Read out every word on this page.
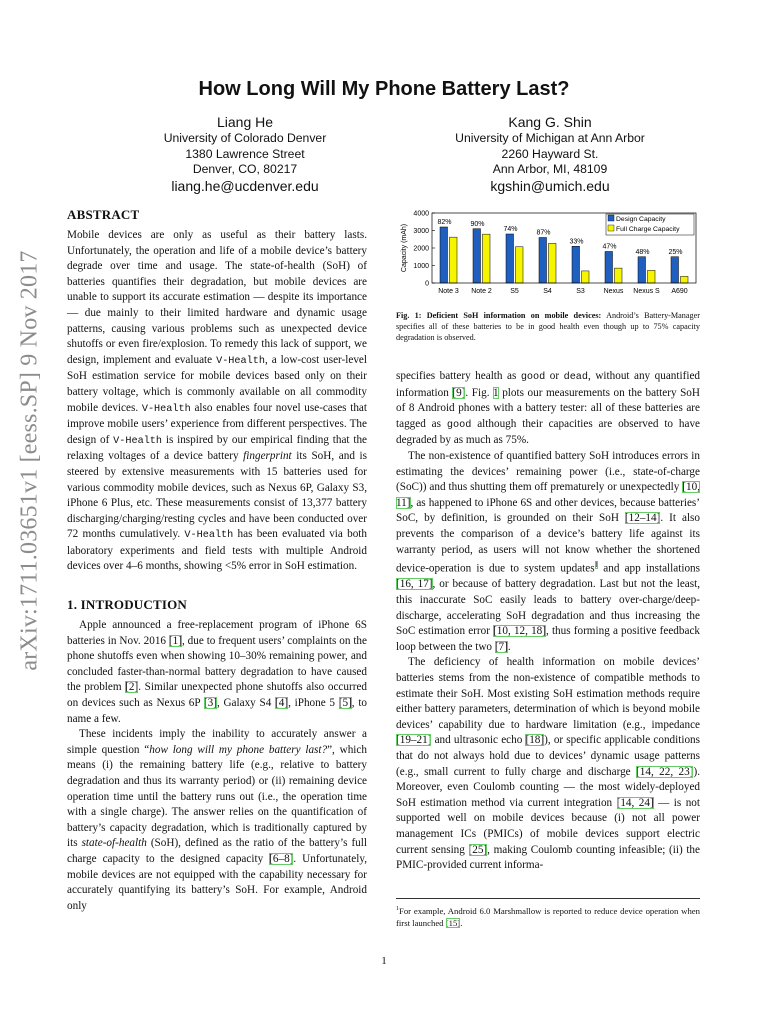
arXiv:1711.03651v1 [eess.SP] 9 Nov 2017
How Long Will My Phone Battery Last?
Liang He
University of Colorado Denver
1380 Lawrence Street
Denver, CO, 80217
liang.he@ucdenver.edu
Kang G. Shin
University of Michigan at Ann Arbor
2260 Hayward St.
Ann Arbor, MI, 48109
kgshin@umich.edu
ABSTRACT

Mobile devices are only as useful as their battery lasts. Unfortunately, the operation and life of a mobile device’s battery degrade over time and usage. The state-of-health (SoH) of batteries quantifies their degradation, but mobile devices are unable to support its accurate estimation — despite its importance — due mainly to their limited hardware and dynamic usage patterns, causing various problems such as unexpected device shutoffs or even fire/explosion. To remedy this lack of support, we design, implement and evaluate V-Health, a low-cost user-level SoH estimation service for mobile devices based only on their battery voltage, which is commonly available on all commodity mobile devices. V-Health also enables four novel use-cases that improve mobile users’ experience from different perspectives. The design of V-Health is inspired by our empirical finding that the relaxing voltages of a device battery fingerprint its SoH, and is steered by extensive measurements with 15 batteries used for various commodity mobile devices, such as Nexus 6P, Galaxy S3, iPhone 6 Plus, etc. These measurements consist of 13,377 battery discharging/charging/resting cycles and have been conducted over 72 months cumulatively. V-Health has been evaluated via both laboratory experiments and field tests with multiple Android devices over 4–6 months, showing <5% error in SoH estimation.

1. INTRODUCTION

Apple announced a free-replacement program of iPhone 6S batteries in Nov. 2016 [1], due to frequent users’ complaints on the phone shutoffs even when showing 10–30% remaining power, and concluded faster-than-normal battery degradation to have caused the problem [2]. Similar unexpected phone shutoffs also occurred on devices such as Nexus 6P [3], Galaxy S4 [4], iPhone 5 [5], to name a few.

These incidents imply the inability to accurately answer a simple question “how long will my phone battery last?”, which means (i) the remaining battery life (e.g., relative to battery degradation and thus its warranty period) or (ii) remaining device operation time until the battery runs out (i.e., the operation time with a single charge). The answer relies on the quantification of battery’s capacity degradation, which is traditionally captured by its state-of-health (SoH), defined as the ratio of the battery’s full charge capacity to the designed capacity [6–8]. Unfortunately, mobile devices are not equipped with the capability necessary for accurately quantifying its battery’s SoH. For example, Android only

0
1000
2000
3000
4000
Capacity (mAh)
Note 3
82%
Note 2
90%
S5
74%
S4
87%
S3
33%
Nexus
47%
Nexus S
48%
A690
25%
Design Capacity
Full Charge Capacity
Fig. 1: Deficient SoH information on mobile devices: Android’s Battery-Manager specifies all of these batteries to be in good health even though up to 75% capacity degradation is observed.

specifies battery health as good or dead, without any quantified information [9]. Fig. 1 plots our measurements on the battery SoH of 8 Android phones with a battery tester: all of these batteries are tagged as good although their capacities are observed to have degraded by as much as 75%.

The non-existence of quantified battery SoH introduces errors in estimating the devices’ remaining power (i.e., state-of-charge (SoC)) and thus shutting them off prematurely or unexpectedly [10, 11], as happened to iPhone 6S and other devices, because batteries’ SoC, by definition, is grounded on their SoH [12–14]. It also prevents the comparison of a device’s battery life against its warranty period, as users will not know whether the shortened device-operation is due to system updates$^1$ and app installations [16, 17], or because of battery degradation. Last but not the least, this inaccurate SoC easily leads to battery over-charge/deep-discharge, accelerating SoH degradation and thus increasing the SoC estimation error [10, 12, 18], thus forming a positive feedback loop between the two [7].

The deficiency of health information on mobile devices’ batteries stems from the non-existence of compatible methods to estimate their SoH. Most existing SoH estimation methods require either battery parameters, determination of which is beyond mobile devices’ capability due to hardware limitation (e.g., impedance [19–21] and ultrasonic echo [18]), or specific applicable conditions that do not always hold due to devices’ dynamic usage patterns (e.g., small current to fully charge and discharge [14, 22, 23]). Moreover, even Coulomb counting — the most widely-deployed SoH estimation method via current integration [14, 24] — is not supported well on mobile devices because (i) not all power management ICs (PMICs) of mobile devices support electric current sensing [25], making Coulomb counting infeasible; (ii) the PMIC-provided current informa-

$^1$For example, Android 6.0 Marshmallow is reported to reduce device operation when first launched [15].
1
